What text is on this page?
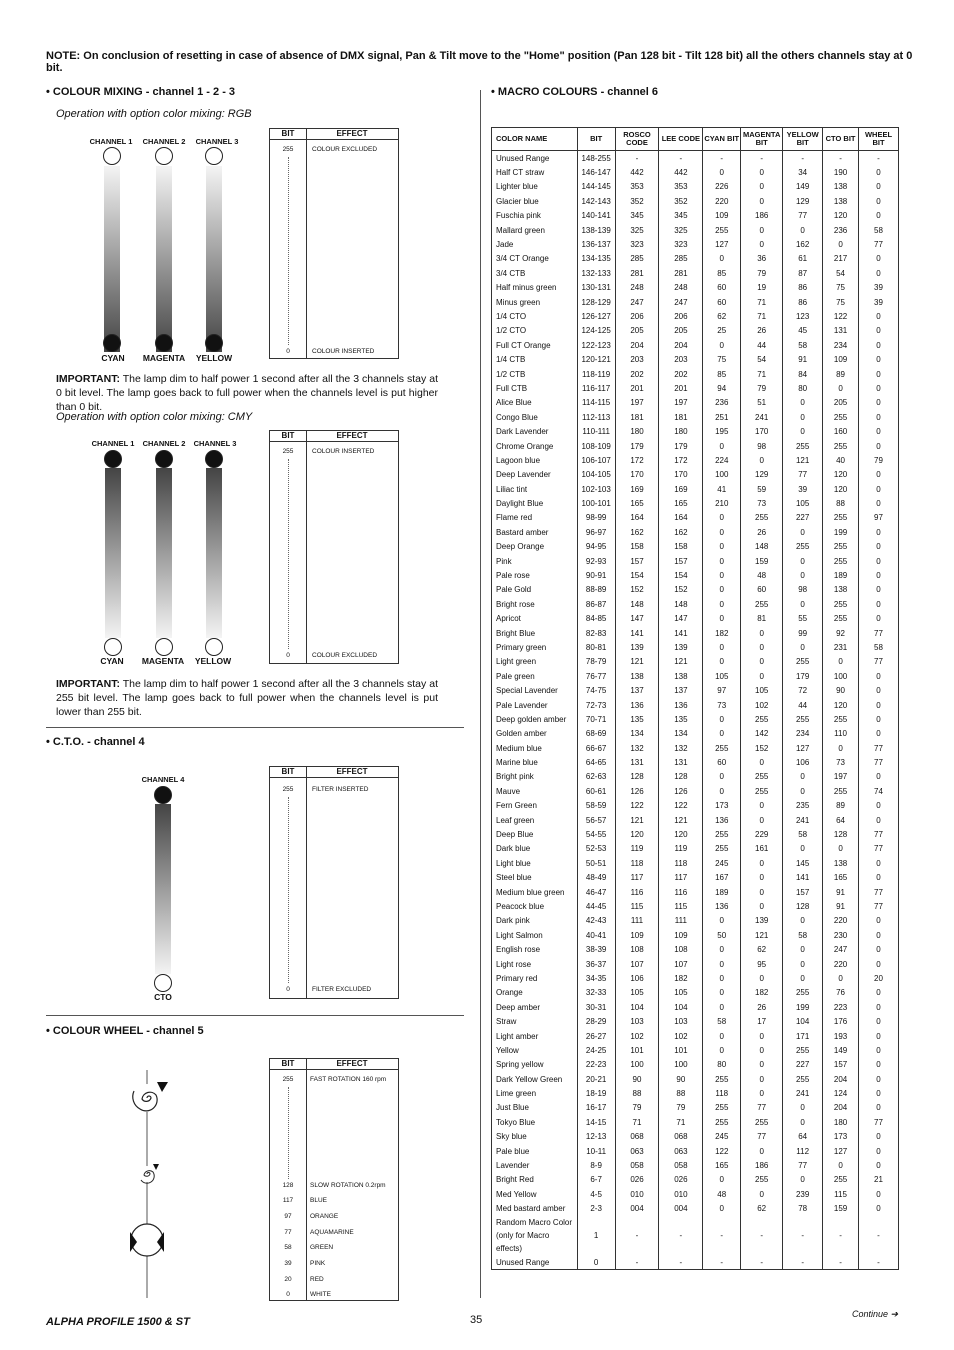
NOTE: On conclusion of resetting in case of absence of DMX signal, Pan & Tilt move to the "Home" position (Pan 128 bit - Tilt 128 bit) all the others channels stay at 0 bit.
• COLOUR MIXING - channel 1 - 2 - 3
Operation with option color mixing: RGB
CHANNEL 1	CHANNEL 2	CHANNEL 3
CYAN	MAGENTA	YELLOW
BIT	EFFECT
255	COLOUR EXCLUDED
0	COLOUR INSERTED
IMPORTANT: The lamp dim to half power 1 second after all the 3 channels stay at 0 bit level. The lamp goes back to full power when the channels level is put higher than 0 bit.
Operation with option color mixing: CMY
CHANNEL 1	CHANNEL 2	CHANNEL 3
CYAN	MAGENTA	YELLOW
BIT	EFFECT
255	COLOUR INSERTED
0	COLOUR EXCLUDED
IMPORTANT: The lamp dim to half power 1 second after all the 3 channels stay at 255 bit level. The lamp goes back to full power when the channels level is put lower than 255 bit.
• C.T.O. - channel 4
CHANNEL 4
CTO
BIT	EFFECT
255	FILTER INSERTED
0	FILTER EXCLUDED
• COLOUR WHEEL - channel 5
BIT	EFFECT
255	FAST ROTATION 160 rpm
128	SLOW ROTATION 0.2rpm
117	BLUE
97	ORANGE
77	AQUAMARINE
58	GREEN
39	PINK
20	RED
0	WHITE
• MACRO COLOURS - channel 6
COLOR NAME	BIT	ROSCO CODE	LEE CODE	CYAN BIT	MAGENTA BIT	YELLOW BIT	CTO BIT	WHEEL BIT
Unused Range	148-255	-	-	-	-	-	-	-
Half CT straw	146-147	442	442	0	0	34	190	0
Lighter blue	144-145	353	353	226	0	149	138	0
Glacier blue	142-143	352	352	220	0	129	138	0
Fuschia pink	140-141	345	345	109	186	77	120	0
Mallard green	138-139	325	325	255	0	0	236	58
Jade	136-137	323	323	127	0	162	0	77
3/4 CT Orange	134-135	285	285	0	36	61	217	0
3/4 CTB	132-133	281	281	85	79	87	54	0
Half minus green	130-131	248	248	60	19	86	75	39
Minus green	128-129	247	247	60	71	86	75	39
1/4 CTO	126-127	206	206	62	71	123	122	0
1/2 CTO	124-125	205	205	25	26	45	131	0
Full CT Orange	122-123	204	204	0	44	58	234	0
1/4 CTB	120-121	203	203	75	54	91	109	0
1/2 CTB	118-119	202	202	85	71	84	89	0
Full CTB	116-117	201	201	94	79	80	0	0
Alice Blue	114-115	197	197	236	51	0	205	0
Congo Blue	112-113	181	181	251	241	0	255	0
Dark Lavender	110-111	180	180	195	170	0	160	0
Chrome Orange	108-109	179	179	0	98	255	255	0
Lagoon blue	106-107	172	172	224	0	121	40	79
Deep Lavender	104-105	170	170	100	129	77	120	0
Liliac tint	102-103	169	169	41	59	39	120	0
Daylight Blue	100-101	165	165	210	73	105	88	0
Flame red	98-99	164	164	0	255	227	255	97
Bastard amber	96-97	162	162	0	26	0	199	0
Deep Orange	94-95	158	158	0	148	255	255	0
Pink	92-93	157	157	0	159	0	255	0
Pale rose	90-91	154	154	0	48	0	189	0
Pale Gold	88-89	152	152	0	60	98	138	0
Bright rose	86-87	148	148	0	255	0	255	0
Apricot	84-85	147	147	0	81	55	255	0
Bright Blue	82-83	141	141	182	0	99	92	77
Primary green	80-81	139	139	0	0	0	231	58
Light green	78-79	121	121	0	0	255	0	77
Pale green	76-77	138	138	105	0	179	100	0
Special Lavender	74-75	137	137	97	105	72	90	0
Pale Lavender	72-73	136	136	73	102	44	120	0
Deep golden amber	70-71	135	135	0	255	255	255	0
Golden amber	68-69	134	134	0	142	234	110	0
Medium blue	66-67	132	132	255	152	127	0	77
Marine blue	64-65	131	131	60	0	106	73	77
Bright pink	62-63	128	128	0	255	0	197	0
Mauve	60-61	126	126	0	255	0	255	74
Fern Green	58-59	122	122	173	0	235	89	0
Leaf green	56-57	121	121	136	0	241	64	0
Deep Blue	54-55	120	120	255	229	58	128	77
Dark blue	52-53	119	119	255	161	0	0	77
Light blue	50-51	118	118	245	0	145	138	0
Steel blue	48-49	117	117	167	0	141	165	0
Medium blue green	46-47	116	116	189	0	157	91	77
Peacock blue	44-45	115	115	136	0	128	91	77
Dark pink	42-43	111	111	0	139	0	220	0
Light Salmon	40-41	109	109	50	121	58	230	0
English rose	38-39	108	108	0	62	0	247	0
Light rose	36-37	107	107	0	95	0	220	0
Primary red	34-35	106	182	0	0	0	0	20
Orange	32-33	105	105	0	182	255	76	0
Deep amber	30-31	104	104	0	26	199	223	0
Straw	28-29	103	103	58	17	104	176	0
Light amber	26-27	102	102	0	0	171	193	0
Yellow	24-25	101	101	0	0	255	149	0
Spring yellow	22-23	100	100	80	0	227	157	0
Dark Yellow Green	20-21	90	90	255	0	255	204	0
Lime green	18-19	88	88	118	0	241	124	0
Just Blue	16-17	79	79	255	77	0	204	0
Tokyo Blue	14-15	71	71	255	255	0	180	77
Sky blue	12-13	068	068	245	77	64	173	0
Pale blue	10-11	063	063	122	0	112	127	0
Lavender	8-9	058	058	165	186	77	0	0
Bright Red	6-7	026	026	0	255	0	255	21
Med Yellow	4-5	010	010	48	0	239	115	0
Med bastard amber	2-3	004	004	0	62	78	159	0
Random Macro Color (only for Macro effects)	1	-	-	-	-	-	-	-
Unused Range	0	-	-	-	-	-	-	-
ALPHA PROFILE 1500 & ST	35	Continue ➔
